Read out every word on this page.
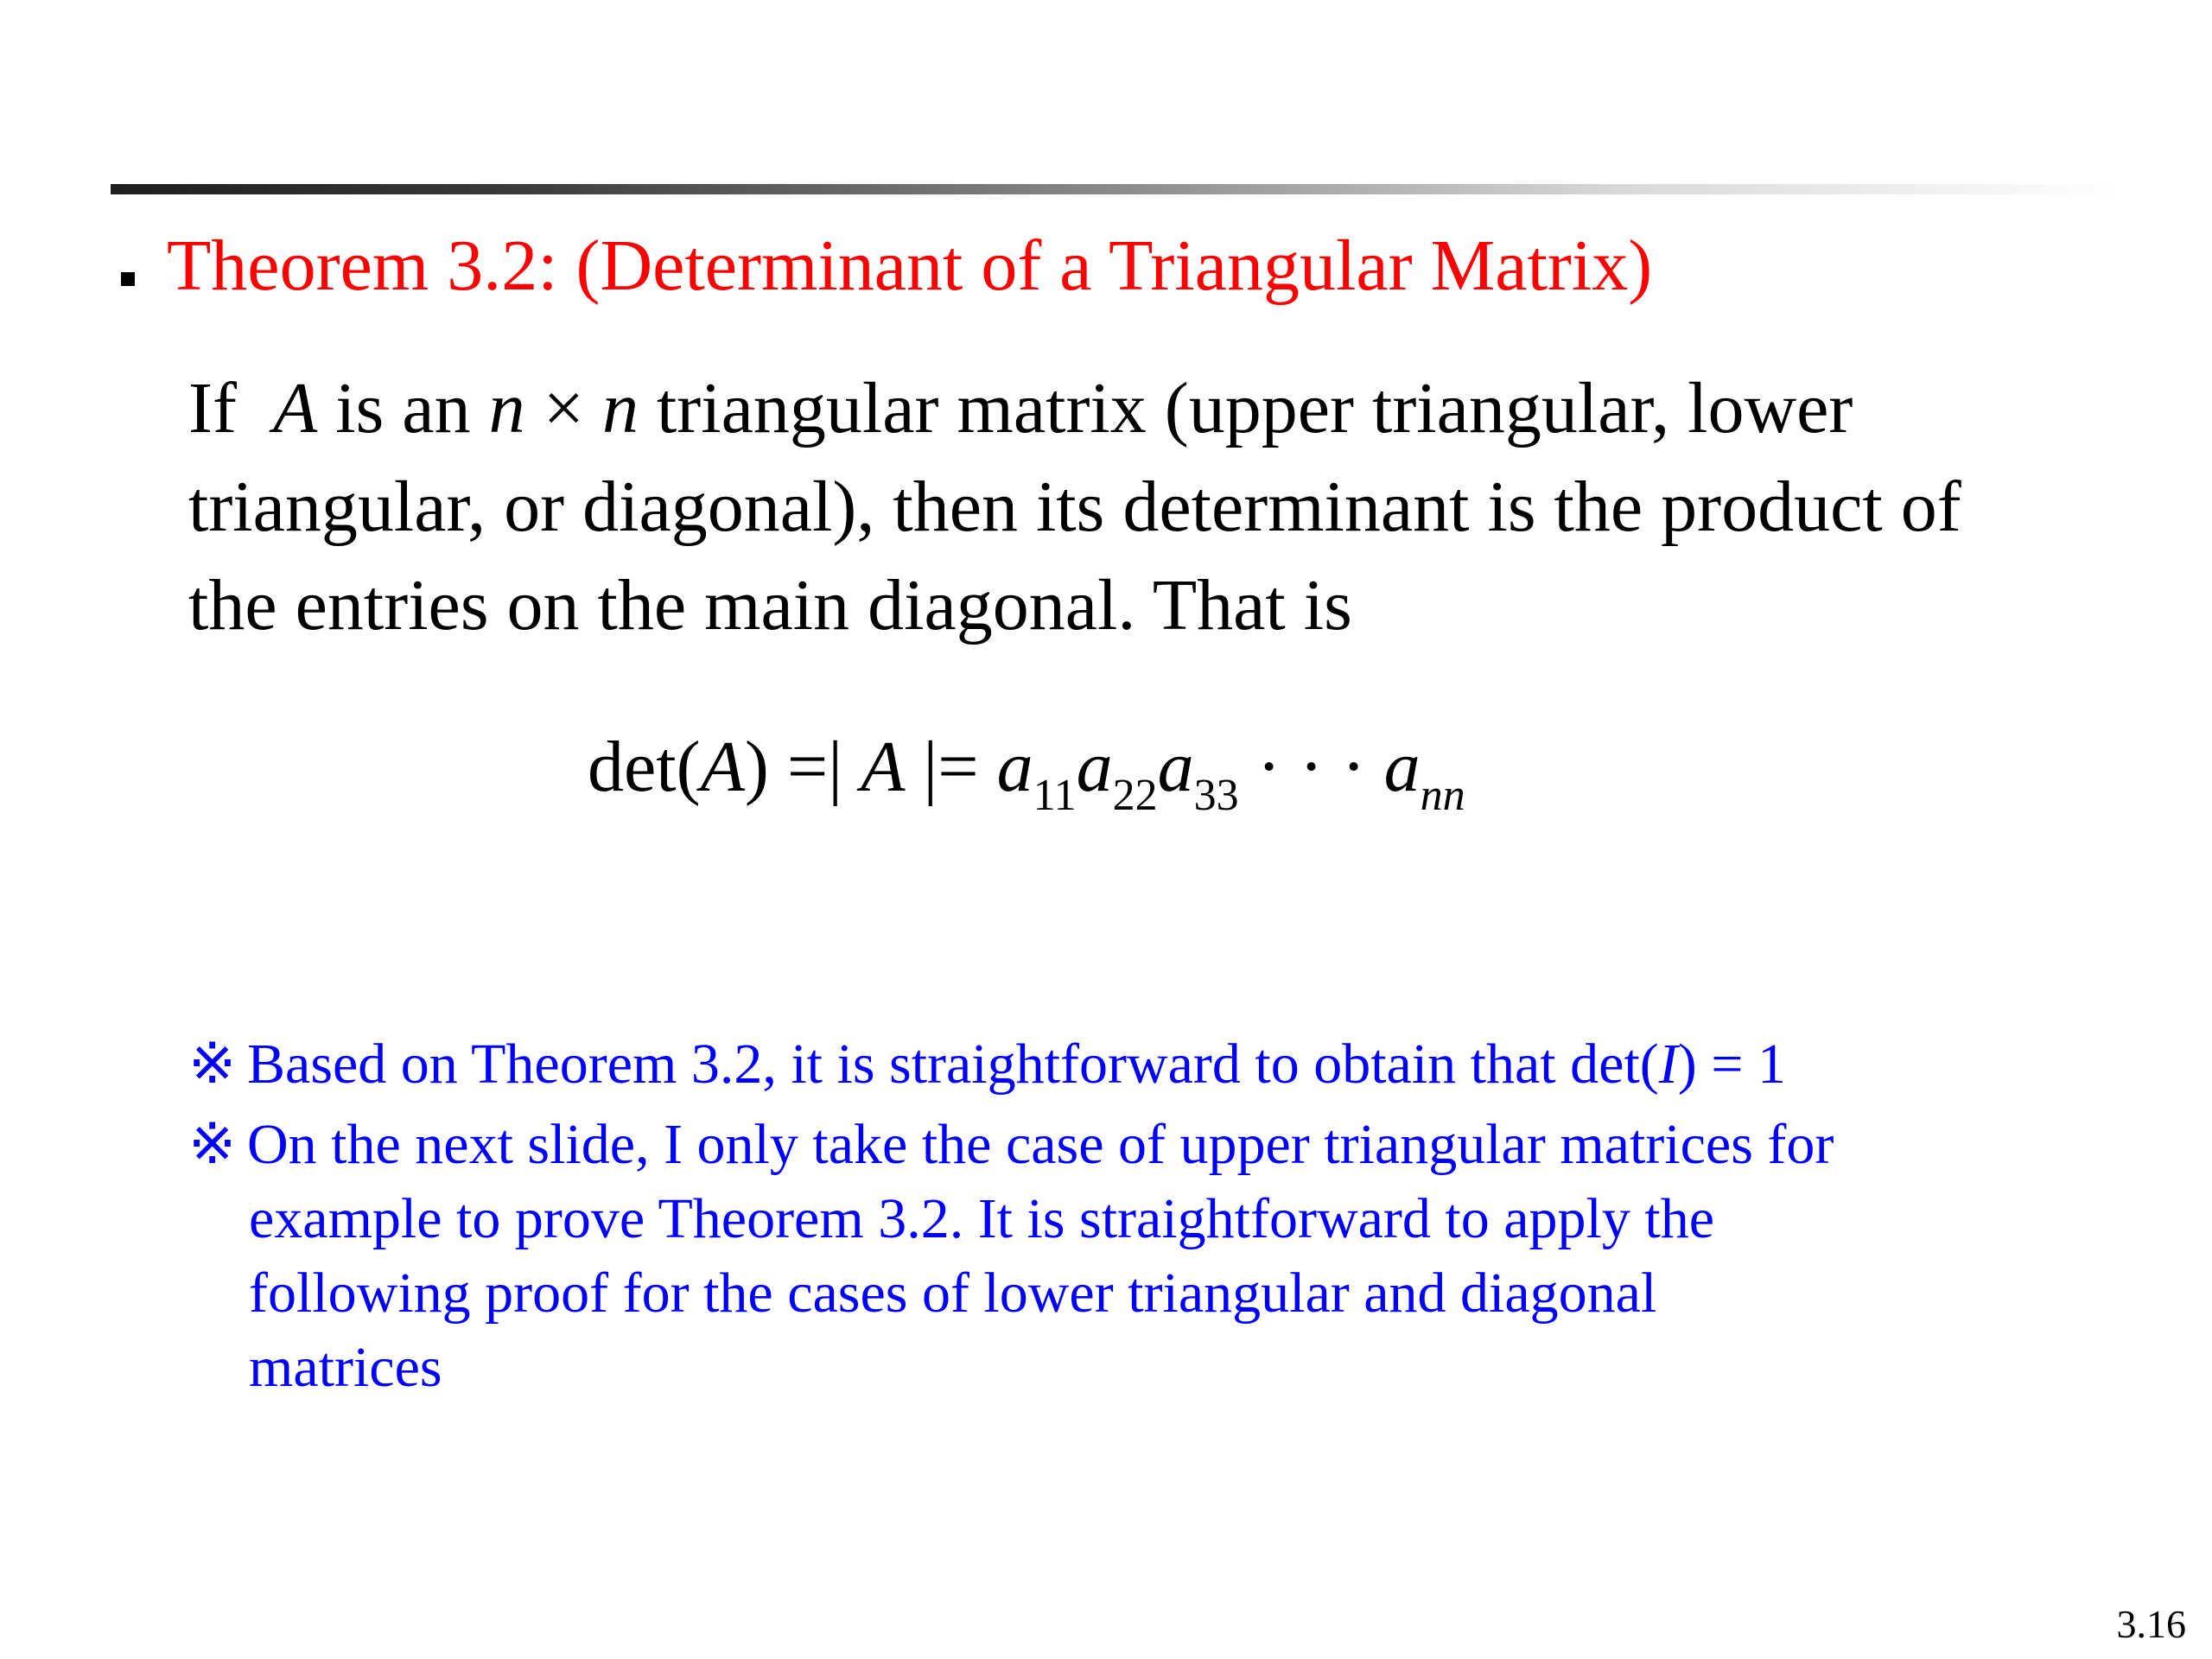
Theorem 3.2: (Determinant of a Triangular Matrix)
If A is an n × n triangular matrix (upper triangular, lower
triangular, or diagonal), then its determinant is the product of
the entries on the main diagonal. That is
det(A) =| A |= $a_{11}a_{22}a_{33}$ · · · $a_{nn}$
※ Based on Theorem 3.2, it is straightforward to obtain that det(I) = 1
※ On the next slide, I only take the case of upper triangular matrices for
example to prove Theorem 3.2. It is straightforward to apply the
following proof for the cases of lower triangular and diagonal
matrices
3.16
